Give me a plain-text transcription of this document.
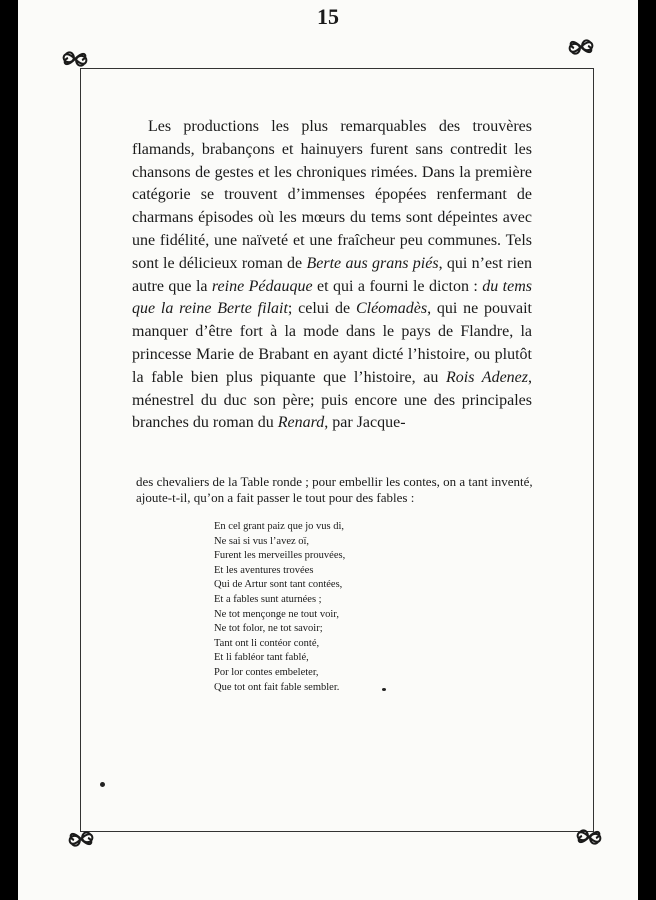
15

Les productions les plus remarquables des trouvères flamands, brabançons et hainuyers furent sans contredit les chansons de gestes et les chroniques rimées. Dans la première catégorie se trouvent d’immenses épopées renfermant de charmans épisodes où les mœurs du tems sont dépeintes avec une fidélité, une naïveté et une fraîcheur peu communes. Tels sont le délicieux roman de Berte aus grans piés, qui n’est rien autre que la reine Pédauque et qui a fourni le dicton : du tems que la reine Berte filait; celui de Cléomadès, qui ne pouvait manquer d’être fort à la mode dans le pays de Flandre, la princesse Marie de Brabant en ayant dicté l’histoire, ou plutôt la fable bien plus piquante que l’histoire, au Rois Adenez, ménestrel du duc son père; puis encore une des principales branches du roman du Renard, par Jacque-

des chevaliers de la Table ronde ; pour embellir les contes, on a tant inventé, ajoute-t-il, qu’on a fait passer le tout pour des fables :

En cel grant paiz que jo vus di,
Ne sai si vus l’avez oï,
Furent les merveilles prouvées,
Et les aventures trovées
Qui de Artur sont tant contées,
Et a fables sunt aturnées ;
Ne tot mençonge ne tout voir,
Ne tot folor, ne tot savoir;
Tant ont li contéor conté,
Et li fabléor tant fablé,
Por lor contes embeleter,
Que tot ont fait fable sembler.
